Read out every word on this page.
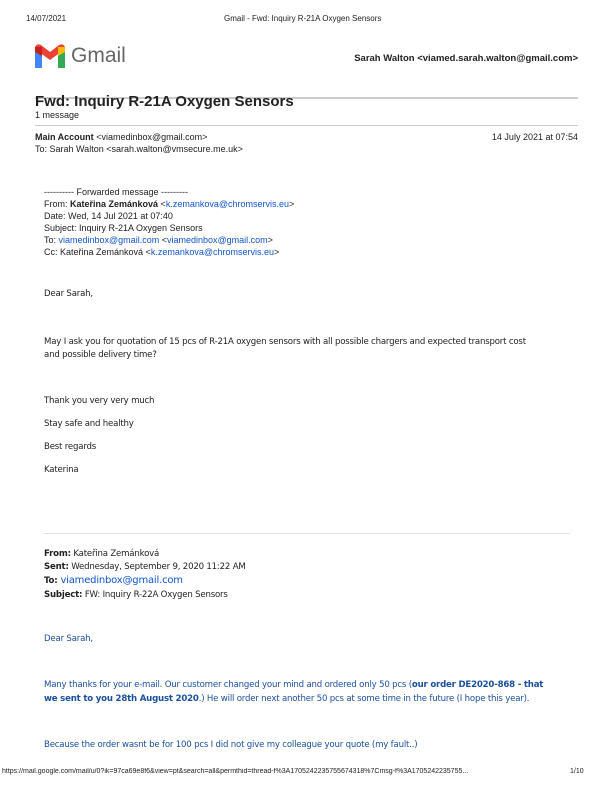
14/07/2021	Gmail - Fwd: Inquiry R-21A Oxygen Sensors
Gmail	Sarah Walton <viamed.sarah.walton@gmail.com>
Fwd: Inquiry R-21A Oxygen Sensors
1 message
Main Account <viamedinbox@gmail.com>	14 July 2021 at 07:54
To: Sarah Walton <sarah.walton@vmsecure.me.uk>
---------- Forwarded message ---------
From: Kateřina Zemánková <k.zemankova@chromservis.eu>
Date: Wed, 14 Jul 2021 at 07:40
Subject: Inquiry R-21A Oxygen Sensors
To: viamedinbox@gmail.com <viamedinbox@gmail.com>
Cc: Kateřina Zemánková <k.zemankova@chromservis.eu>
Dear Sarah,
May I ask you for quotation of 15 pcs of R-21A oxygen sensors with all possible chargers and expected transport cost
and possible delivery time?
Thank you very very much
Stay safe and healthy
Best regards
Katerina
From: Kateřina Zemánková
Sent: Wednesday, September 9, 2020 11:22 AM
To: viamedinbox@gmail.com
Subject: FW: Inquiry R-22A Oxygen Sensors
Dear Sarah,
Many thanks for your e-mail. Our customer changed your mind and ordered only 50 pcs (our order DE2020-868 - that
we sent to you 28th August 2020.) He will order next another 50 pcs at some time in the future (I hope this year).
Because the order wasnt be for 100 pcs I did not give my colleague your quote (my fault..)
https://mail.google.com/mail/u/0?ik=97ca69e8f6&view=pt&search=all&permthid=thread-f%3A1705242235755674318%7Cmsg-f%3A17052422357​55...	1/10
